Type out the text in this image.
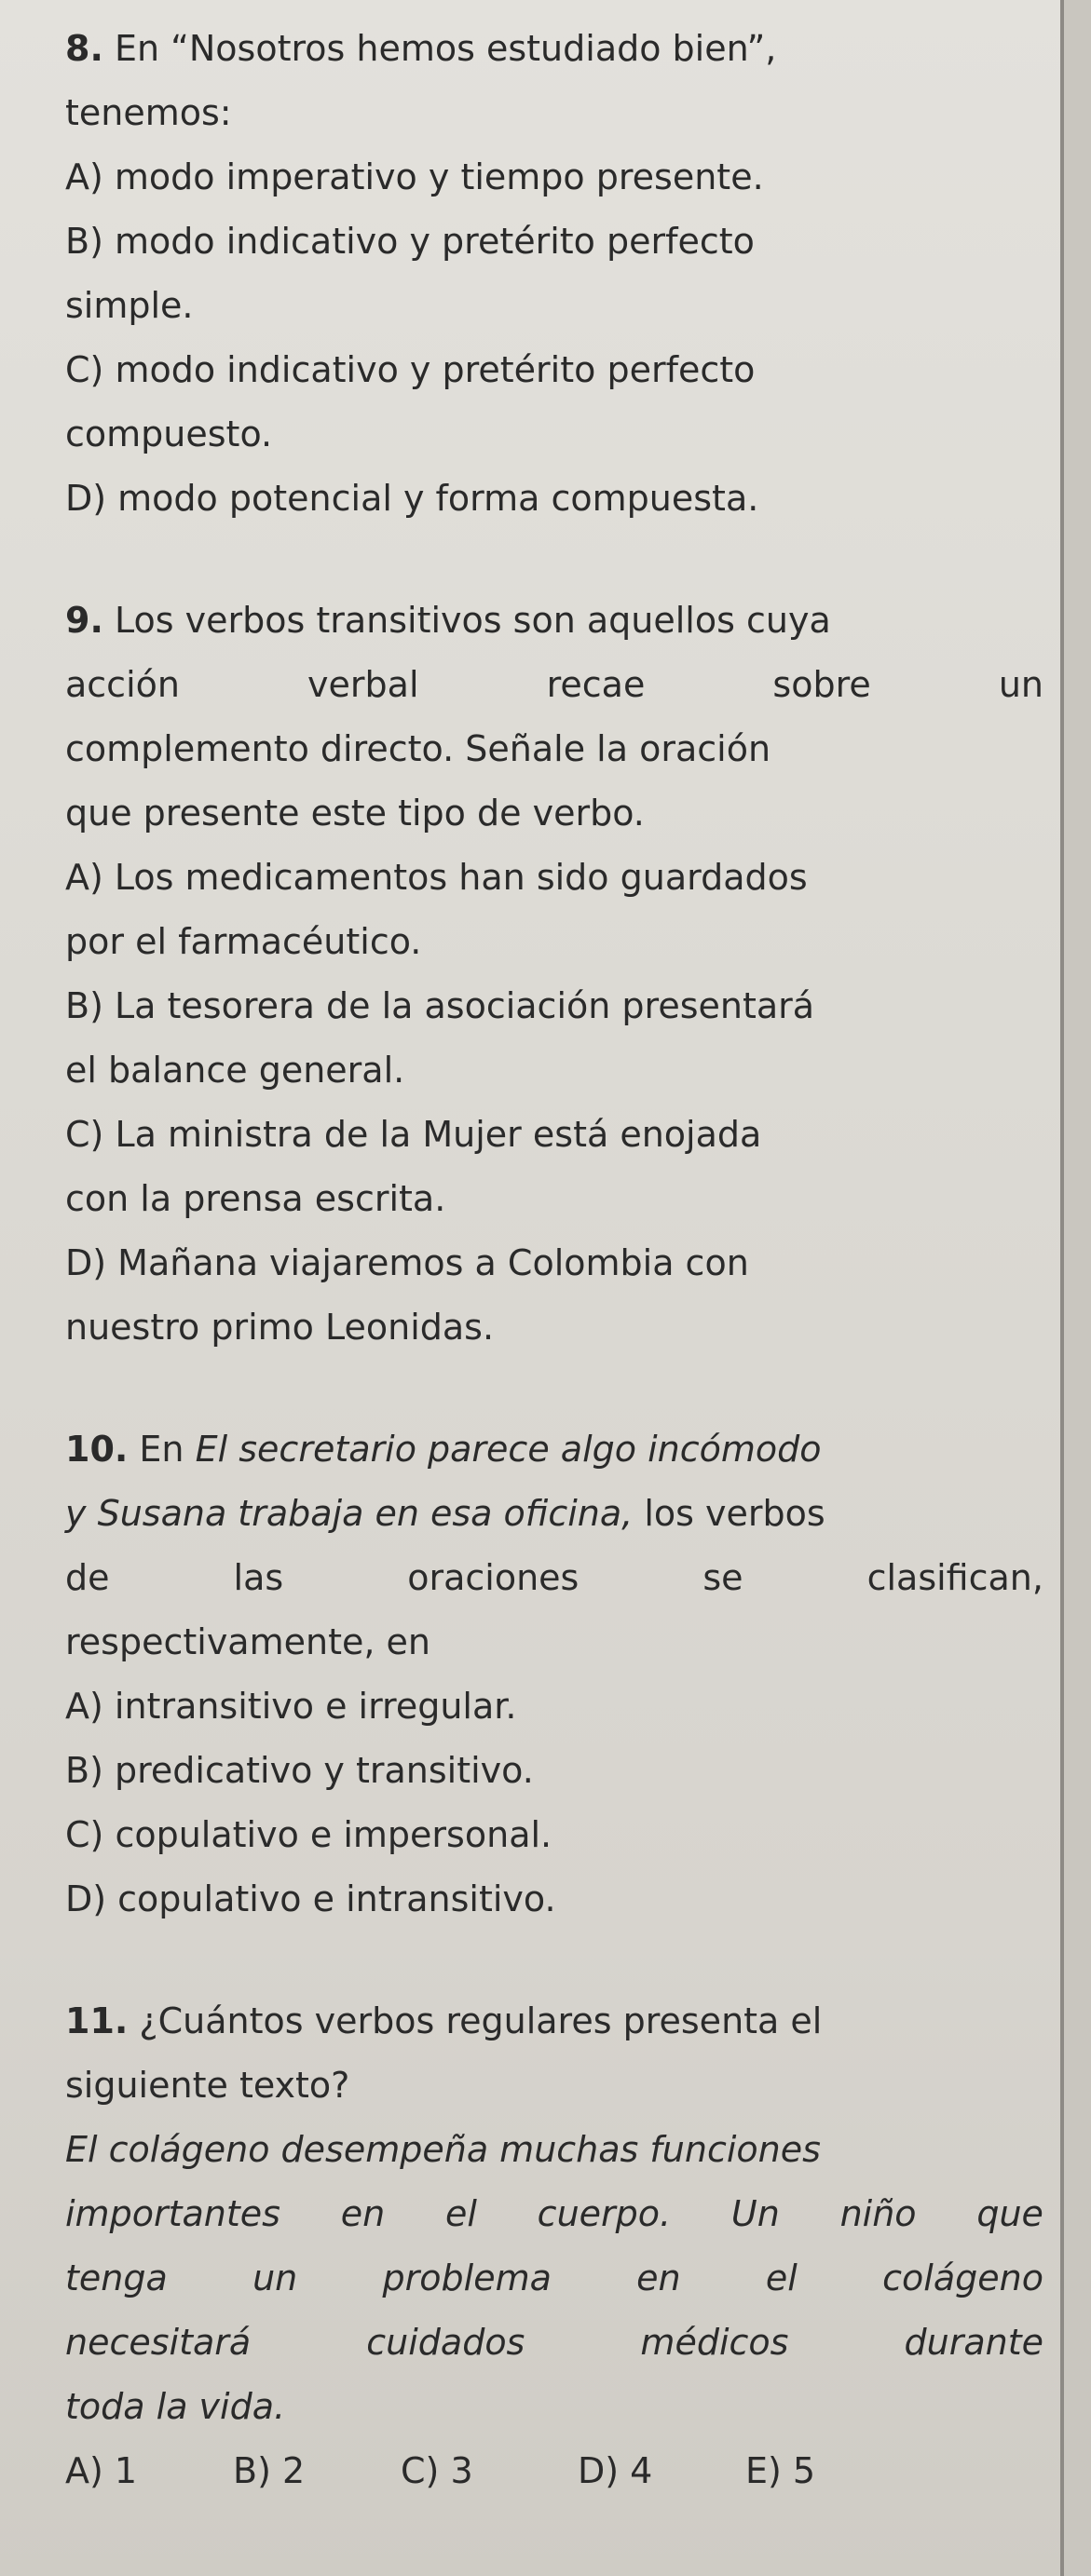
8. En “Nosotros hemos estudiado bien”,
tenemos:
A) modo imperativo y tiempo presente.
B) modo indicativo y pretérito perfecto
simple.
C) modo indicativo y pretérito perfecto
compuesto.
D) modo potencial y forma compuesta.
9. Los verbos transitivos son aquellos cuya
acción	verbal	recae	sobre	un
complemento directo. Señale la oración
que presente este tipo de verbo.
A) Los medicamentos han sido guardados
por el farmacéutico.
B) La tesorera de la asociación presentará
el balance general.
C) La ministra de la Mujer está enojada
con la prensa escrita.
D) Mañana viajaremos a Colombia con
nuestro primo Leonidas.
10. En El secretario parece algo incómodo
y Susana trabaja en esa oficina, los verbos
de	las	oraciones	se	clasifican,
respectivamente, en
A) intransitivo e irregular.
B) predicativo y transitivo.
C) copulativo e impersonal.
D) copulativo e intransitivo.
11. ¿Cuántos verbos regulares presenta el
siguiente texto?
El colágeno desempeña muchas funciones
importantes en el cuerpo. Un niño que
tenga un problema en el colágeno
necesitará	cuidados	médicos	durante
toda la vida.
A) 1	B) 2	C) 3	D) 4	E) 5
